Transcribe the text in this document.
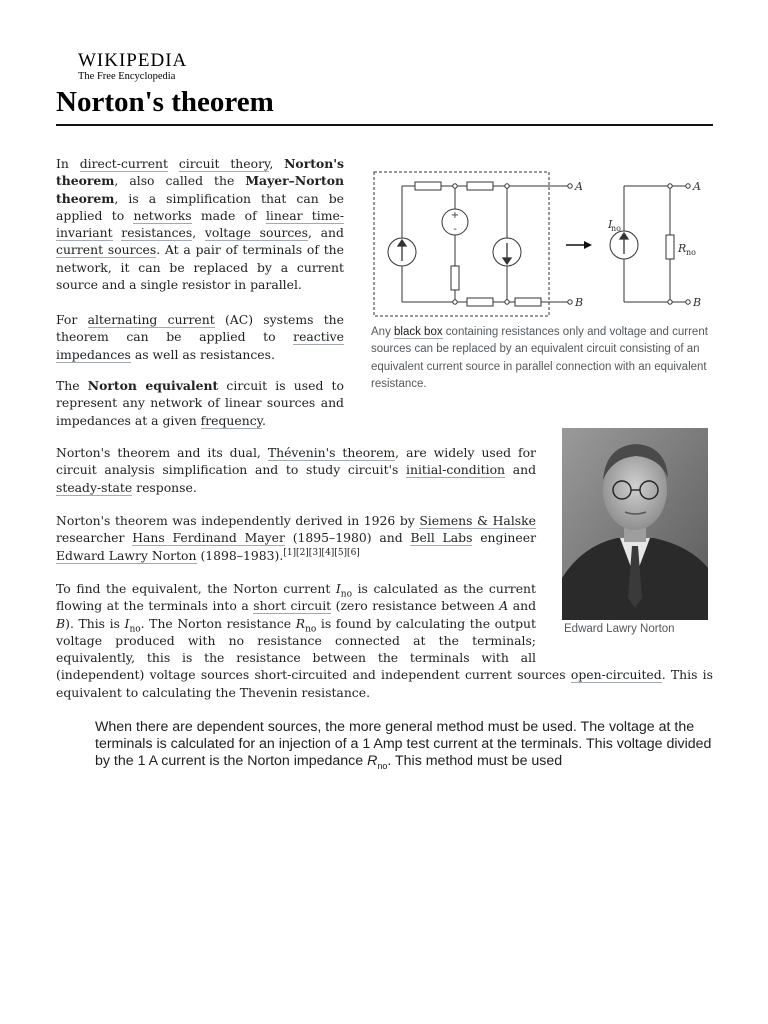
WIKIPEDIA
The Free Encyclopedia
Norton's theorem

In direct-current circuit theory, Norton's theorem, also called the Mayer–Norton theorem, is a simplification that can be applied to networks made of linear time-invariant resistances, voltage sources, and current sources. At a pair of terminals of the network, it can be replaced by a current source and a single resistor in parallel.

For alternating current (AC) systems the theorem can be applied to reactive impedances as well as resistances.

The Norton equivalent circuit is used to represent any network of linear sources and impedances at a given frequency.

+
-
A
B
I
no
R no
A
B

Any black box containing resistances only and voltage and current sources can be replaced by an equivalent circuit consisting of an equivalent current source in parallel connection with an equivalent resistance.

Norton's theorem and its dual, Thévenin's theorem, are widely used for circuit analysis simplification and to study circuit's initial-condition and steady-state response.

Edward Lawry Norton

Norton's theorem was independently derived in 1926 by Siemens & Halske researcher Hans Ferdinand Mayer (1895–1980) and Bell Labs engineer Edward Lawry Norton (1898–1983).[1][2][3][4][5][6]

To find the equivalent, the Norton current $I_{no}$ is calculated as the current flowing at the terminals into a short circuit (zero resistance between A and B). This is $I_{no}$. The Norton resistance $R_{no}$ is found by calculating the output voltage produced with no resistance connected at the terminals; equivalently, this is the resistance between the terminals with all (independent) voltage sources short-circuited and independent current sources open-circuited. This is equivalent to calculating the Thevenin resistance.

When there are dependent sources, the more general method must be used. The voltage at the terminals is calculated for an injection of a 1 Amp test current at the terminals. This voltage divided by the 1 A current is the Norton impedance $R_{no}$. This method must be used
